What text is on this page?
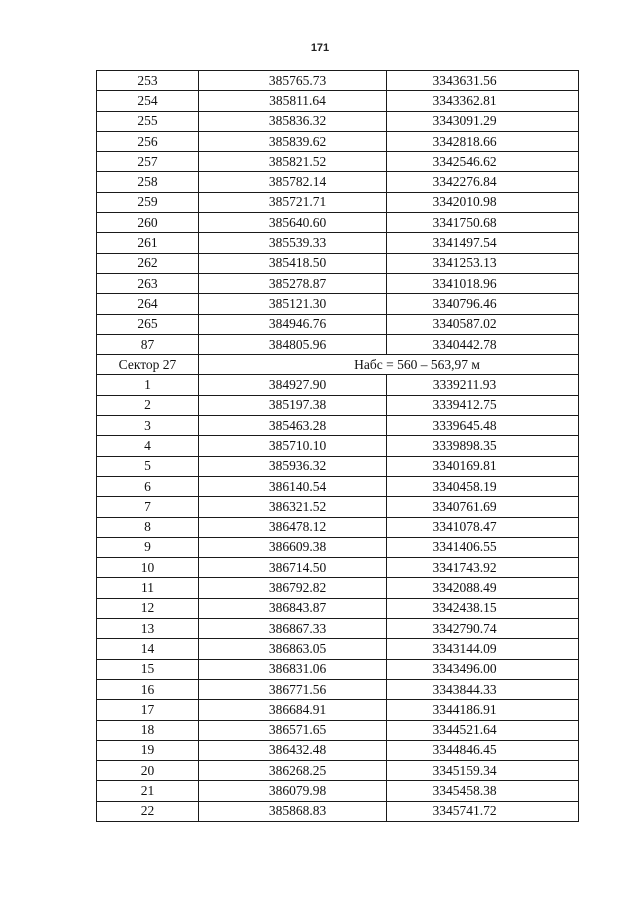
171
253	385765.73	3343631.56
254	385811.64	3343362.81
255	385836.32	3343091.29
256	385839.62	3342818.66
257	385821.52	3342546.62
258	385782.14	3342276.84
259	385721.71	3342010.98
260	385640.60	3341750.68
261	385539.33	3341497.54
262	385418.50	3341253.13
263	385278.87	3341018.96
264	385121.30	3340796.46
265	384946.76	3340587.02
87	384805.96	3340442.78
Сектор 27	Набс = 560 – 563,97 м	
1	384927.90	3339211.93
2	385197.38	3339412.75
3	385463.28	3339645.48
4	385710.10	3339898.35
5	385936.32	3340169.81
6	386140.54	3340458.19
7	386321.52	3340761.69
8	386478.12	3341078.47
9	386609.38	3341406.55
10	386714.50	3341743.92
11	386792.82	3342088.49
12	386843.87	3342438.15
13	386867.33	3342790.74
14	386863.05	3343144.09
15	386831.06	3343496.00
16	386771.56	3343844.33
17	386684.91	3344186.91
18	386571.65	3344521.64
19	386432.48	3344846.45
20	386268.25	3345159.34
21	386079.98	3345458.38
22	385868.83	3345741.72
